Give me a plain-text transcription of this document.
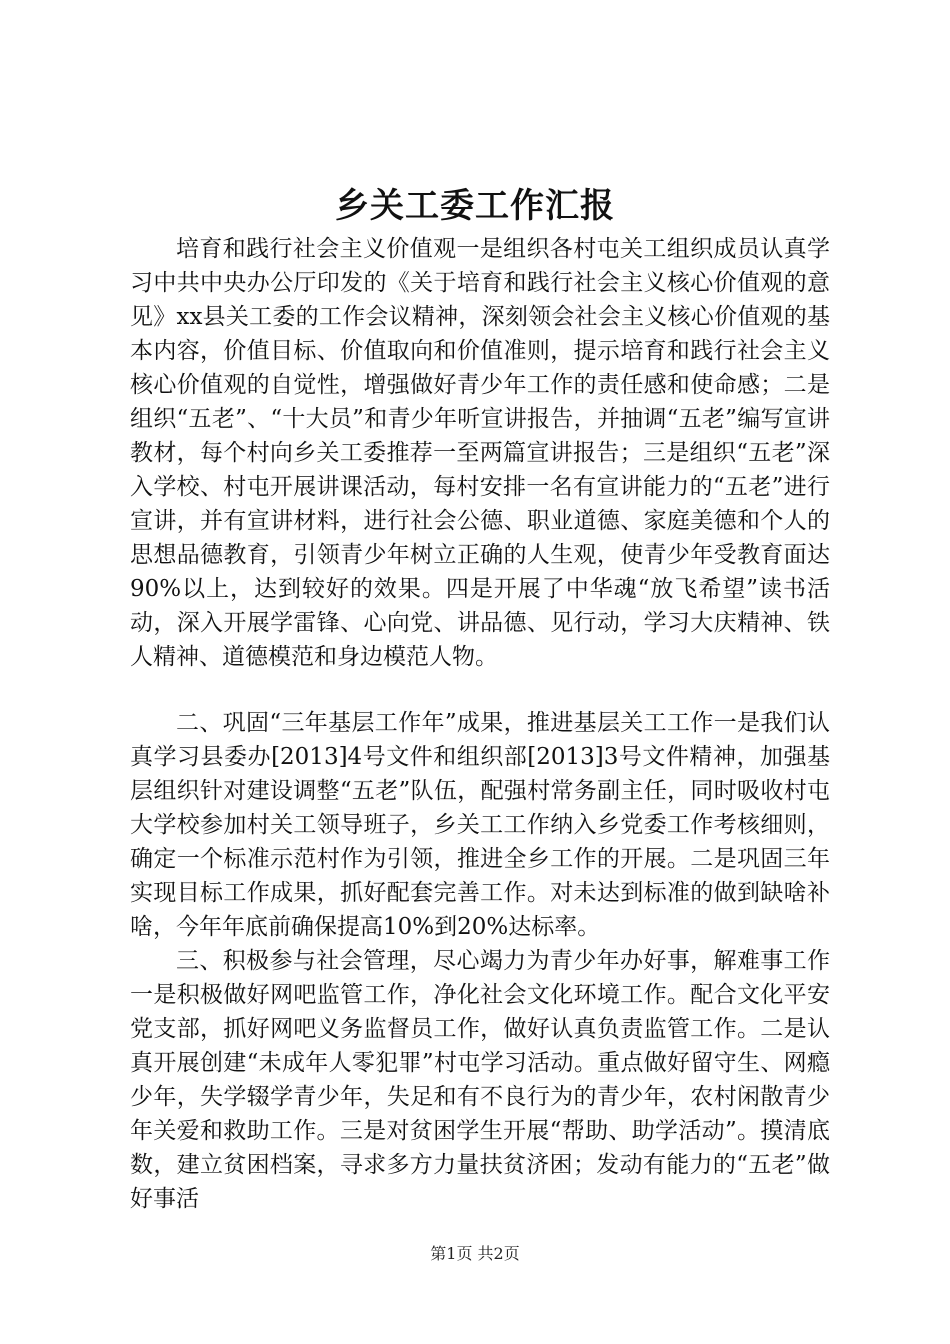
乡关工委工作汇报

培育和践行社会主义价值观一是组织各村屯关工组织成员认真学习中共中央办公厅印发的《关于培育和践行社会主义核心价值观的意见》xx县关工委的工作会议精神，深刻领会社会主义核心价值观的基本内容，价值目标、价值取向和价值准则，提示培育和践行社会主义核心价值观的自觉性，增强做好青少年工作的责任感和使命感；二是组织“五老”、“十大员”和青少年听宣讲报告，并抽调“五老”编写宣讲教材，每个村向乡关工委推荐一至两篇宣讲报告；三是组织“五老”深入学校、村屯开展讲课活动，每村安排一名有宣讲能力的“五老”进行宣讲，并有宣讲材料，进行社会公德、职业道德、家庭美德和个人的思想品德教育，引领青少年树立正确的人生观，使青少年受教育面达90%以上，达到较好的效果。四是开展了中华魂“放飞希望”读书活动，深入开展学雷锋、心向党、讲品德、见行动，学习大庆精神、铁人精神、道德模范和身边模范人物。

二、巩固“三年基层工作年”成果，推进基层关工工作一是我们认真学习县委办[2013]4号文件和组织部[2013]3号文件精神，加强基层组织针对建设调整“五老”队伍，配强村常务副主任，同时吸收村屯大学校参加村关工领导班子，乡关工工作纳入乡党委工作考核细则，确定一个标准示范村作为引领，推进全乡工作的开展。二是巩固三年实现目标工作成果，抓好配套完善工作。对未达到标准的做到缺啥补啥，今年年底前确保提高10%到20%达标率。

三、积极参与社会管理，尽心竭力为青少年办好事，解难事工作一是积极做好网吧监管工作，净化社会文化环境工作。配合文化平安党支部，抓好网吧义务监督员工作，做好认真负责监管工作。二是认真开展创建“未成年人零犯罪”村屯学习活动。重点做好留守生、网瘾少年，失学辍学青少年，失足和有不良行为的青少年，农村闲散青少年关爱和救助工作。三是对贫困学生开展“帮助、助学活动”。摸清底数，建立贫困档案，寻求多方力量扶贫济困；发动有能力的“五老”做好事活

第1页 共2页
